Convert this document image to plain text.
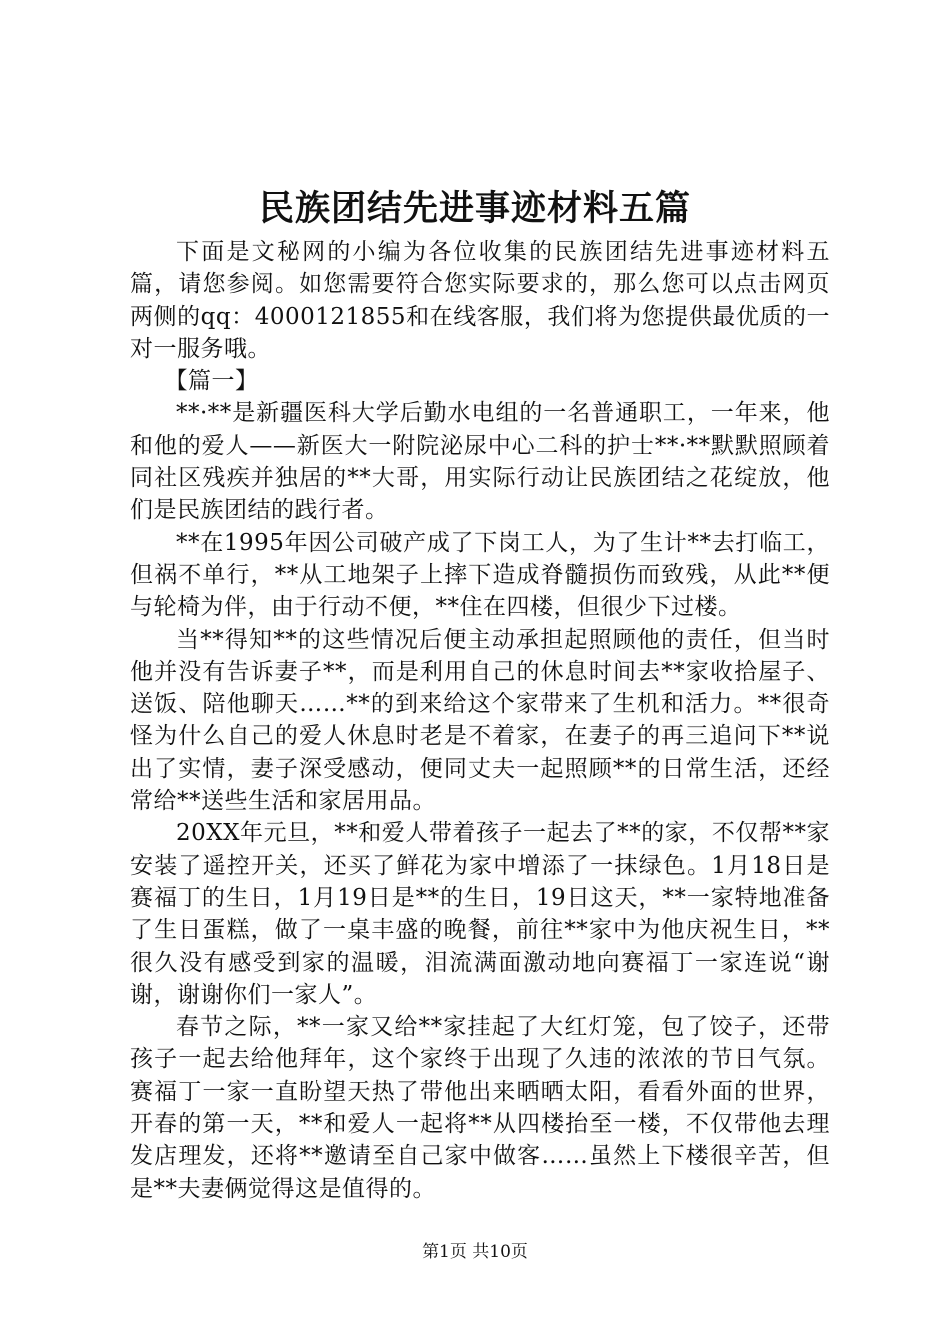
民族团结先进事迹材料五篇

下面是文秘网的小编为各位收集的民族团结先进事迹材料五篇，请您参阅。如您需要符合您实际要求的，那么您可以点击网页两侧的qq：4000121855和在线客服，我们将为您提供最优质的一对一服务哦。

【篇一】

**·**是新疆医科大学后勤水电组的一名普通职工，一年来，他和他的爱人——新医大一附院泌尿中心二科的护士**·**默默照顾着同社区残疾并独居的**大哥，用实际行动让民族团结之花绽放，他们是民族团结的践行者。

**在1995年因公司破产成了下岗工人，为了生计**去打临工，但祸不单行，**从工地架子上摔下造成脊髓损伤而致残，从此**便与轮椅为伴，由于行动不便，**住在四楼，但很少下过楼。

当**得知**的这些情况后便主动承担起照顾他的责任，但当时他并没有告诉妻子**，而是利用自己的休息时间去**家收拾屋子、送饭、陪他聊天……**的到来给这个家带来了生机和活力。**很奇怪为什么自己的爱人休息时老是不着家，在妻子的再三追问下**说出了实情，妻子深受感动，便同丈夫一起照顾**的日常生活，还经常给**送些生活和家居用品。

20XX年元旦，**和爱人带着孩子一起去了**的家，不仅帮**家安装了遥控开关，还买了鲜花为家中增添了一抹绿色。1月18日是赛福丁的生日，1月19日是**的生日，19日这天，**一家特地准备了生日蛋糕，做了一桌丰盛的晚餐，前往**家中为他庆祝生日，**很久没有感受到家的温暖，泪流满面激动地向赛福丁一家连说“谢谢，谢谢你们一家人”。

春节之际，**一家又给**家挂起了大红灯笼，包了饺子，还带孩子一起去给他拜年，这个家终于出现了久违的浓浓的节日气氛。赛福丁一家一直盼望天热了带他出来晒晒太阳，看看外面的世界，开春的第一天，**和爱人一起将**从四楼抬至一楼，不仅带他去理发店理发，还将**邀请至自己家中做客……虽然上下楼很辛苦，但是**夫妻俩觉得这是值得的。

第1页 共10页
